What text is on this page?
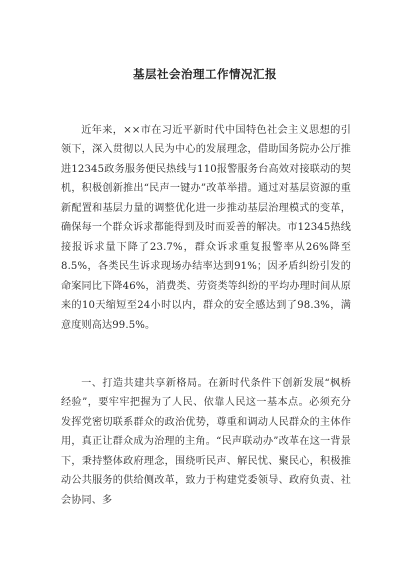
基层社会治理工作情况汇报

近年来，××市在习近平新时代中国特色社会主义思想的引领下，深入贯彻以人民为中心的发展理念，借助国务院办公厅推进12345政务服务便民热线与110报警服务台高效对接联动的契机，积极创新推出“民声一键办”改革举措。通过对基层资源的重新配置和基层力量的调整优化进一步推动基层治理模式的变革，确保每一个群众诉求都能得到及时而妥善的解决。市12345热线接报诉求量下降了23.7%，群众诉求重复报警率从26%降至8.5%，各类民生诉求现场办结率达到91%；因矛盾纠纷引发的命案同比下降46%，消费类、劳资类等纠纷的平均办理时间从原来的10天缩短至24小时以内，群众的安全感达到了98.3%，满意度则高达99.5%。

一、打造共建共享新格局。在新时代条件下创新发展“枫桥经验”，要牢牢把握为了人民、依靠人民这一基本点。必须充分发挥党密切联系群众的政治优势，尊重和调动人民群众的主体作用，真正让群众成为治理的主角。“民声联动办”改革在这一背景下，秉持整体政府理念，围绕听民声、解民忧、聚民心，积极推动公共服务的供给侧改革，致力于构建党委领导、政府负责、社会协同、多
